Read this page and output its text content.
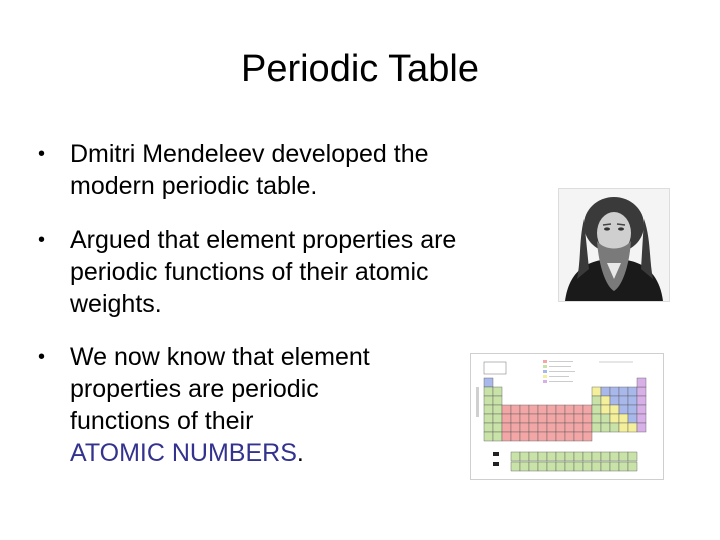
Periodic Table
• Dmitri Mendeleev developed the
modern periodic table.
• Argued that element properties are
periodic functions of their atomic
weights.
• We now know that element
properties are periodic
functions of their
ATOMIC NUMBERS.
